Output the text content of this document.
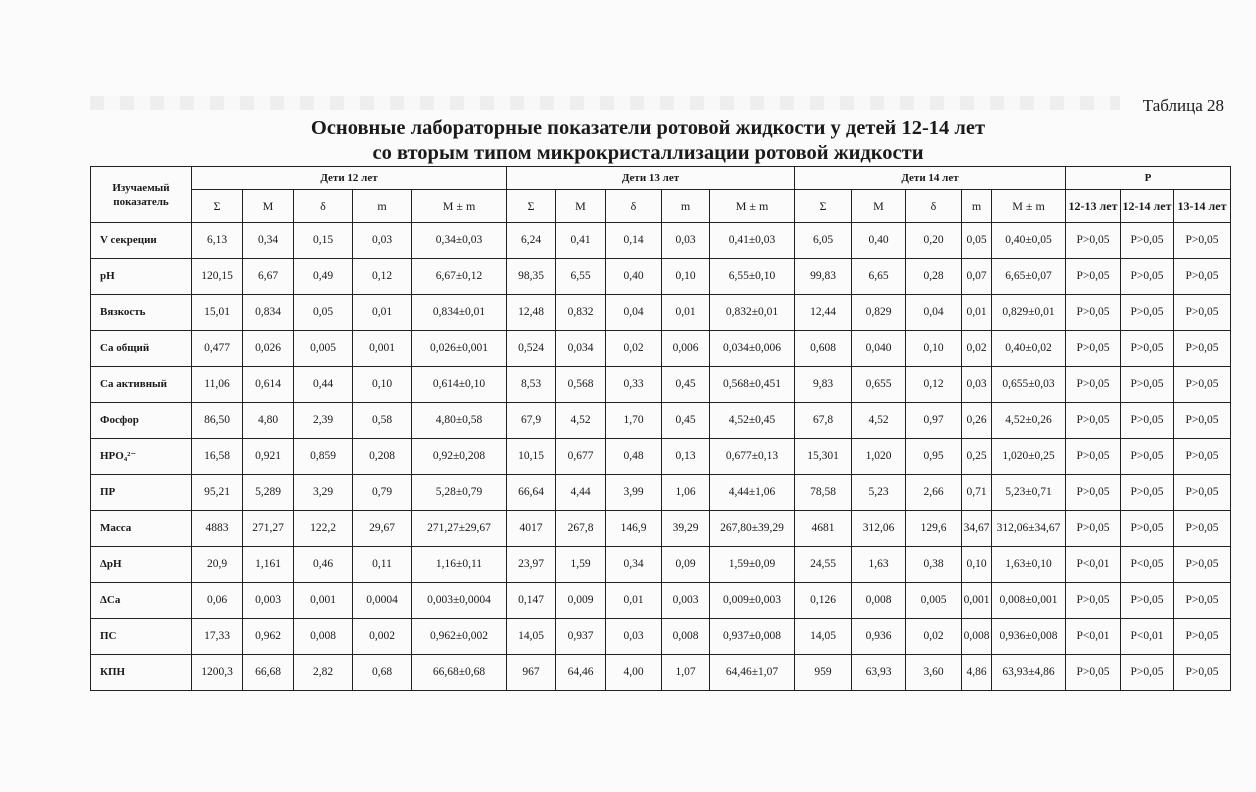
Таблица 28
Основные лабораторные показатели ротовой жидкости у детей 12-14 лет
со вторым типом микрокристаллизации ротовой жидкости
Изучаемый показатель	Дети 12 лет					Дети 13 лет					Дети 14 лет					P		
	Σ	М	δ	m	М ± m	Σ	М	δ	m	М ± m	Σ	М	δ	m	М ± m	12-13 лет	12-14 лет	13-14 лет
V секреции	6,13	0,34	0,15	0,03	0,34±0,03	6,24	0,41	0,14	0,03	0,41±0,03	6,05	0,40	0,20	0,05	0,40±0,05	Р>0,05	Р>0,05	Р>0,05
pH	120,15	6,67	0,49	0,12	6,67±0,12	98,35	6,55	0,40	0,10	6,55±0,10	99,83	6,65	0,28	0,07	6,65±0,07	Р>0,05	Р>0,05	Р>0,05
Вязкость	15,01	0,834	0,05	0,01	0,834±0,01	12,48	0,832	0,04	0,01	0,832±0,01	12,44	0,829	0,04	0,01	0,829±0,01	Р>0,05	Р>0,05	Р>0,05
Са общий	0,477	0,026	0,005	0,001	0,026±0,001	0,524	0,034	0,02	0,006	0,034±0,006	0,608	0,040	0,10	0,02	0,40±0,02	Р>0,05	Р>0,05	Р>0,05
Са активный	11,06	0,614	0,44	0,10	0,614±0,10	8,53	0,568	0,33	0,45	0,568±0,451	9,83	0,655	0,12	0,03	0,655±0,03	Р>0,05	Р>0,05	Р>0,05
Фосфор	86,50	4,80	2,39	0,58	4,80±0,58	67,9	4,52	1,70	0,45	4,52±0,45	67,8	4,52	0,97	0,26	4,52±0,26	Р>0,05	Р>0,05	Р>0,05
HPO₄²⁻	16,58	0,921	0,859	0,208	0,92±0,208	10,15	0,677	0,48	0,13	0,677±0,13	15,301	1,020	0,95	0,25	1,020±0,25	Р>0,05	Р>0,05	Р>0,05
ПР	95,21	5,289	3,29	0,79	5,28±0,79	66,64	4,44	3,99	1,06	4,44±1,06	78,58	5,23	2,66	0,71	5,23±0,71	Р>0,05	Р>0,05	Р>0,05
Масса	4883	271,27	122,2	29,67	271,27±29,67	4017	267,8	146,9	39,29	267,80±39,29	4681	312,06	129,6	34,67	312,06±34,67	Р>0,05	Р>0,05	Р>0,05
ΔpH	20,9	1,161	0,46	0,11	1,16±0,11	23,97	1,59	0,34	0,09	1,59±0,09	24,55	1,63	0,38	0,10	1,63±0,10	Р<0,01	Р<0,05	Р>0,05
ΔCa	0,06	0,003	0,001	0,0004	0,003±0,0004	0,147	0,009	0,01	0,003	0,009±0,003	0,126	0,008	0,005	0,001	0,008±0,001	Р>0,05	Р>0,05	Р>0,05
ПС	17,33	0,962	0,008	0,002	0,962±0,002	14,05	0,937	0,03	0,008	0,937±0,008	14,05	0,936	0,02	0,008	0,936±0,008	Р<0,01	Р<0,01	Р>0,05
КПН	1200,3	66,68	2,82	0,68	66,68±0,68	967	64,46	4,00	1,07	64,46±1,07	959	63,93	3,60	4,86	63,93±4,86	Р>0,05	Р>0,05	Р>0,05
